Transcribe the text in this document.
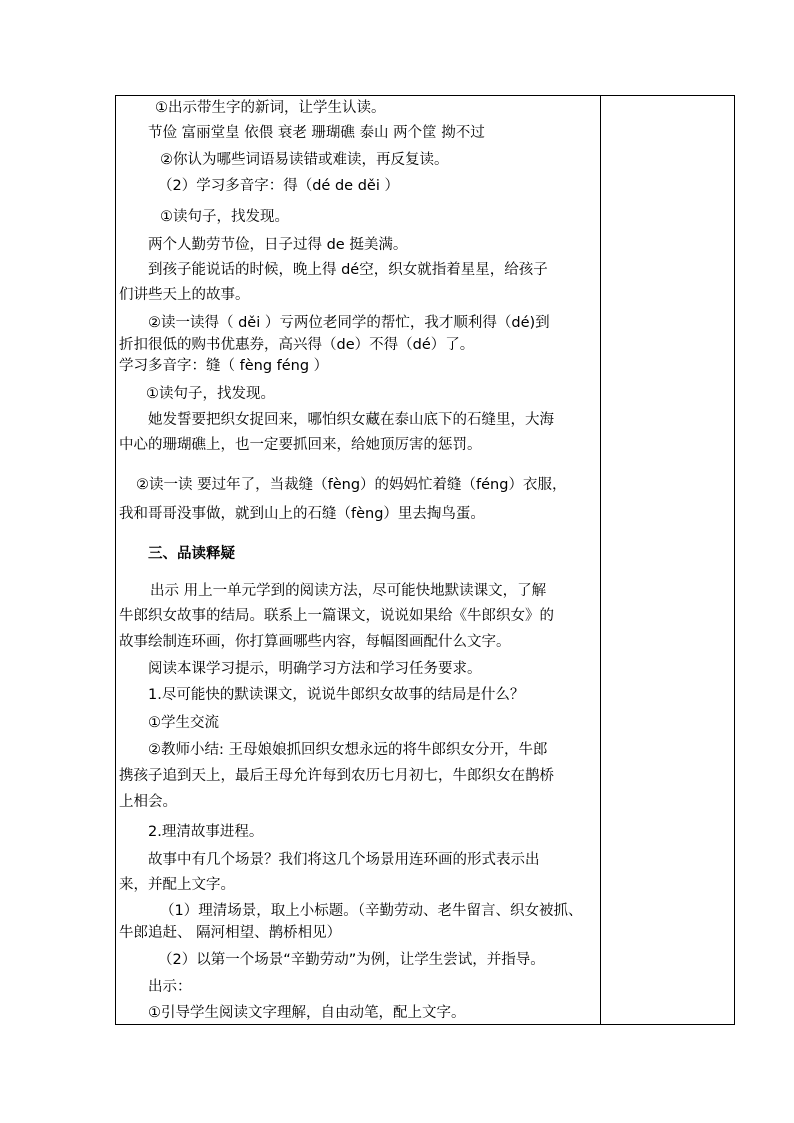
①出示带生字的新词，让学生认读。
节俭 富丽堂皇 依偎 衰老 珊瑚礁 泰山 两个筐 拗不过
②你认为哪些词语易读错或难读，再反复读。
（2）学习多音字：得（dé de děi ）
①读句子，找发现。
两个人勤劳节俭，日子过得 de 挺美满。
到孩子能说话的时候，晚上得 dé空，织女就指着星星，给孩子
们讲些天上的故事。
②读一读得（ děi ）亏两位老同学的帮忙，我才顺利得（dé)到
折扣很低的购书优惠券，高兴得（de）不得（dé）了。
学习多音字：缝（ fèng féng ）
①读句子，找发现。
她发誓要把织女捉回来，哪怕织女藏在泰山底下的石缝里，大海
中心的珊瑚礁上，也一定要抓回来，给她顶厉害的惩罚。
②读一读 要过年了，当裁缝（fèng）的妈妈忙着缝（féng）衣服，
我和哥哥没事做，就到山上的石缝（fèng）里去掏鸟蛋。
三、品读释疑
出示 用上一单元学到的阅读方法，尽可能快地默读课文，了解
牛郎织女故事的结局。联系上一篇课文，说说如果给《牛郎织女》的
故事绘制连环画，你打算画哪些内容，每幅图画配什么文字。
阅读本课学习提示，明确学习方法和学习任务要求。
1.尽可能快的默读课文，说说牛郎织女故事的结局是什么？
①学生交流
②教师小结: 王母娘娘抓回织女想永远的将牛郎织女分开，牛郎
携孩子追到天上，最后王母允许每到农历七月初七，牛郎织女在鹊桥
上相会。
2.理清故事进程。
故事中有几个场景？我们将这几个场景用连环画的形式表示出
来，并配上文字。
（1）理清场景，取上小标题。（辛勤劳动、老牛留言、织女被抓、
牛郎追赶、 隔河相望、鹊桥相见）
（2）以第一个场景“辛勤劳动”为例，让学生尝试，并指导。
出示：
①引导学生阅读文字理解，自由动笔，配上文字。
